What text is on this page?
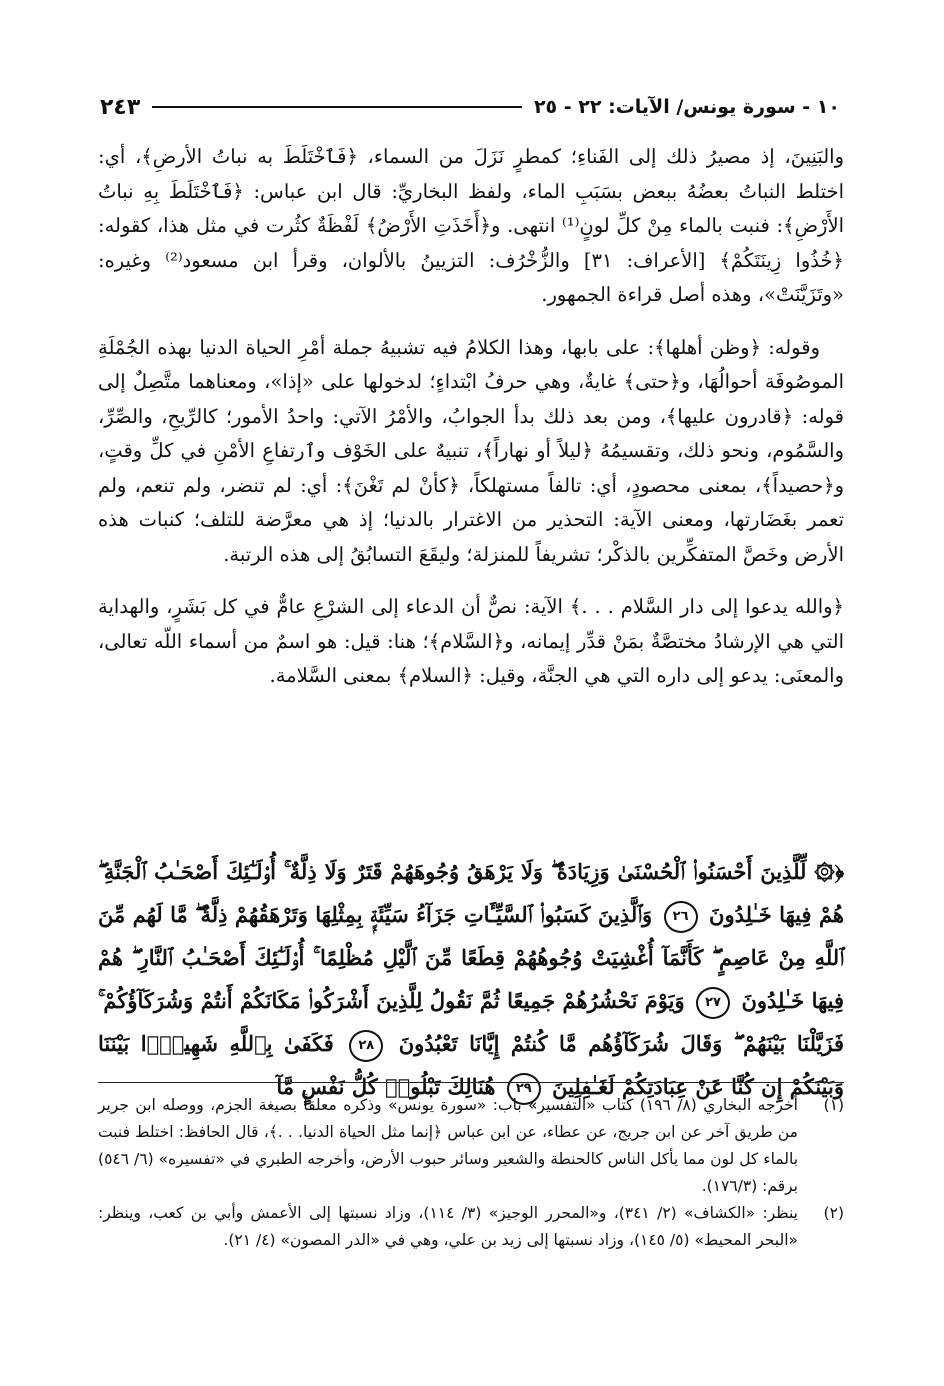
١٠ - سورة يونس/ الآيات: ٢٢ - ٢٥
٢٤٣

والبَنِينَ، إذ مصيرُ ذلك إلى الفَناءِ؛ كمطرٍ نَزَلَ من السماء، ﴿فَٱخْتَلَطَ به نباتُ الأرضِ﴾، أي: اختلط النباتُ بعضُهُ ببعض بسَبَبِ الماء، ولفظ البخاريِّ: قال ابن عباس: ﴿فَٱخْتَلَطَ بِهِ نباتُ الأَرْضِ﴾: فنبت بالماء مِنْ كلِّ لونٍ⁽¹⁾ انتهى. و﴿أَخَذَتِ الأَرْضُ﴾ لَفْظَةٌ كثُرت في مثل هذا، كقوله: ﴿خُذُوا زِينَتَكُمْ﴾ [الأعراف: ٣١] والزُّخْرُف: التزيينُ بالألوان، وقرأ ابن مسعود⁽²⁾ وغيره: «وتَزَيَّنَتْ»، وهذه أصل قراءة الجمهور.

وقوله: ﴿وظن أهلها﴾: على بابها، وهذا الكلامُ فيه تشبيهُ جملة أمْرِ الحياة الدنيا بهذه الجُمْلَةِ الموصُوفَة أحوالُهَا، و﴿حتى﴾ غايةٌ، وهي حرفُ ابْتداءٍ؛ لدخولها على «إذا»، ومعناهما متَّصِلٌ إلى قوله: ﴿قادرون عليها﴾، ومن بعد ذلك بدأ الجوابُ، والأمْرُ الآتي: واحدُ الأمور؛ كالرِّيحِ، والصِّرِّ، والسَّمُوم، ونحو ذلك، وتقسيمُهُ ﴿ليلاً أو نهاراً﴾، تنبيهٌ على الخَوْف وٱرتفاعِ الأمْنِ في كلِّ وقتٍ، و﴿حصيداً﴾، بمعنى محصودٍ، أي: تالفاً مستهلكاً، ﴿كأنْ لم تَغْنَ﴾: أي: لم تنضر، ولم تنعم، ولم تعمر بغَضَارتها، ومعنى الآية: التحذير من الاغترار بالدنيا؛ إذ هي معرَّضة للتلف؛ كنبات هذه الأرض وخَصَّ المتفكِّرين بالذكْر؛ تشريفاً للمنزلة؛ وليقَعَ التسابُقُ إلى هذه الرتبة.

﴿والله يدعوا إلى دار السَّلام . . .﴾ الآية: نصٌّ أن الدعاء إلى الشرْعِ عامٌّ في كل بَشَرٍ، والهداية التي هي الإرشادُ مختصَّةٌ بمَنْ قدِّر إيمانه، و﴿السَّلام﴾؛ هنا: قيل: هو اسمٌ من أسماء اللّه تعالى، والمعنَى: يدعو إلى داره التي هي الجنَّة، وقيل: ﴿السلام﴾ بمعنى السَّلامة.

﴿۞ لِّلَّذِينَ أَحْسَنُوا۟ ٱلْحُسْنَىٰ وَزِيَادَةٌ ۖ وَلَا يَرْهَقُ وُجُوهَهُمْ قَتَرٌ وَلَا ذِلَّةٌ ۚ أُو۟لَـٰٓئِكَ أَصْحَـٰبُ ٱلْجَنَّةِ ۖ هُمْ فِيهَا خَـٰلِدُونَ ٢٦ وَٱلَّذِينَ كَسَبُوا۟ ٱلسَّيِّـَٔاتِ جَزَآءُ سَيِّئَةٍۭ بِمِثْلِهَا وَتَرْهَقُهُمْ ذِلَّةٌ ۖ مَّا لَهُم مِّنَ ٱللَّهِ مِنْ عَاصِمٍ ۖ كَأَنَّمَآ أُغْشِيَتْ وُجُوهُهُمْ قِطَعًا مِّنَ ٱلَّيْلِ مُظْلِمًا ۚ أُو۟لَـٰٓئِكَ أَصْحَـٰبُ ٱلنَّارِ ۖ هُمْ فِيهَا خَـٰلِدُونَ ٢٧ وَيَوْمَ نَحْشُرُهُمْ جَمِيعًا ثُمَّ نَقُولُ لِلَّذِينَ أَشْرَكُوا۟ مَكَانَكُمْ أَنتُمْ وَشُرَكَآؤُكُمْ ۚ فَزَيَّلْنَا بَيْنَهُمْ ۖ وَقَالَ شُرَكَآؤُهُم مَّا كُنتُمْ إِيَّانَا تَعْبُدُونَ ٢٨ فَكَفَىٰ بِٱللَّهِ شَهِيدًۢا بَيْنَنَا وَبَيْنَكُمْ إِن كُنَّا عَنْ عِبَادَتِكُمْ لَغَـٰفِلِينَ ٢٩ هُنَالِكَ تَبْلُوا۟ كُلُّ نَفْسٍ مَّآ
(١)
أخرجه البخاري (٨/ ١٩٦) كتاب «التفسير» باب: «سورة يونس» وذكره معلقاً بصيغة الجزم، ووصله ابن جرير من طريق آخر عن ابن جريج، عن عطاء، عن ابن عباس ﴿إنما مثل الحياة الدنيا. . .﴾، قال الحافظ: اختلط فنبت بالماء كل لون مما يأكل الناس كالحنطة والشعير وسائر حبوب الأرض، وأخرجه الطبري في «تفسيره» (٦/ ٥٤٦) برقم: (١٧٦/٣).
(٢)
ينظر: «الكشاف» (٢/ ٣٤١)، و«المحرر الوجيز» (٣/ ١١٤)، وزاد نسبتها إلى الأعمش وأبي بن كعب، وينظر: «البحر المحيط» (٥/ ١٤٥)، وزاد نسبتها إلى زيد بن علي، وهي في «الدر المصون» (٤/ ٢١).
